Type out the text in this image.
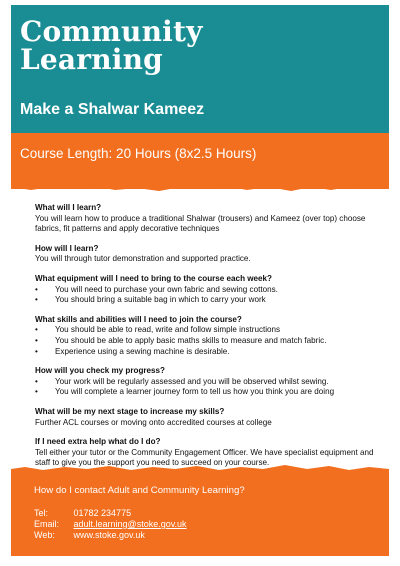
Community
Learning
Make a Shalwar Kameez
Course Length: 20 Hours (8x2.5 Hours)
What will I learn?

You will learn how to produce a traditional Shalwar (trousers) and Kameez (over top) choose fabrics, fit patterns and apply decorative techniques

How will I learn?

You will through tutor demonstration and supported practice.

What equipment will I need to bring to the course each week?
• You will need to purchase your own fabric and sewing cottons.
• You should bring a suitable bag in which to carry your work
What skills and abilities will I need to join the course?
• You should be able to read, write and follow simple instructions
• You should be able to apply basic maths skills to measure and match fabric.
• Experience using a sewing machine is desirable.
How will you check my progress?
• Your work will be regularly assessed and you will be observed whilst sewing.
• You will complete a learner journey form to tell us how you think you are doing
What will be my next stage to increase my skills?

Further ACL courses or moving onto accredited courses at college

If I need extra help what do I do?

Tell either your tutor or the Community Engagement Officer. We have specialist equipment and staff to give you the support you need to succeed on your course.

How do I contact Adult and Community Learning?
Tel:	01782 234775
Email: adult.learning@stoke.gov.uk
Web: www.stoke.gov.uk
